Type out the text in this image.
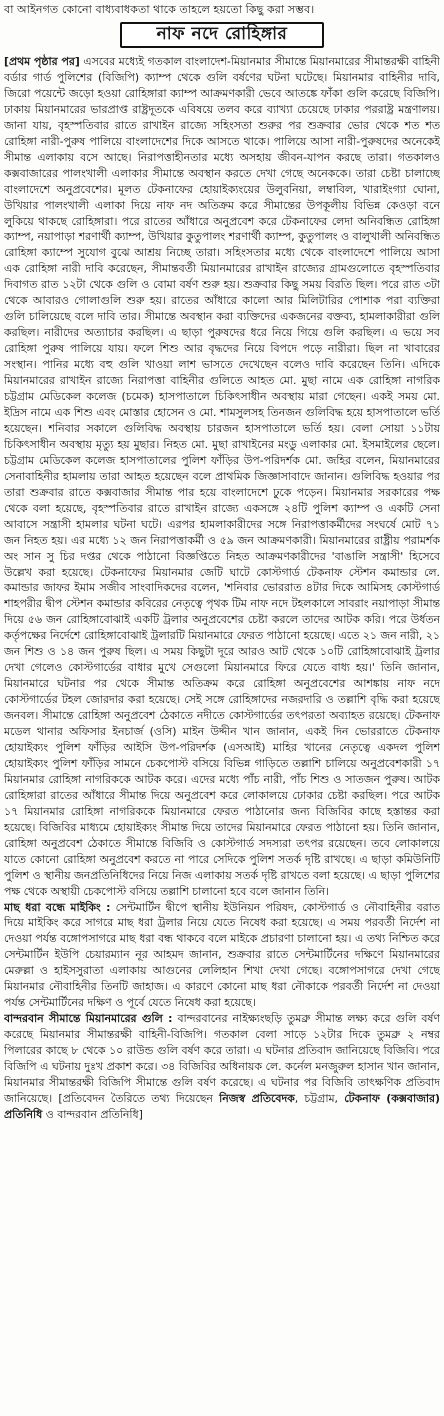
বা আইনগত কোনো বাধ্যবাধকতা থাকে তাহলে হয়তো কিছু করা সম্ভব।
নাফ নদে রোহিঙ্গার

[প্রথম পৃষ্ঠার পর] এসবের মধ্যেই গতকাল বাংলাদেশ-মিয়ানমার সীমান্তে মিয়ানমারের সীমান্তরক্ষী বাহিনী বর্ডার গার্ড পুলিশের (বিজিপি) ক্যাম্প থেকে গুলি বর্ষণের ঘটনা ঘটেছে। মিয়ানমার বাহিনীর দাবি, জিরো পয়েন্টে জড়ো হওয়া রোহিঙ্গারা ক্যাম্প আক্রমণকারী ভেবে আতঙ্কে ফাঁকা গুলি করেছে বিজিপি। ঢাকায় মিয়ানমারের ভারপ্রাপ্ত রাষ্ট্রদূতকে এবিষয়ে তলব করে ব্যাখ্যা চেয়েছে ঢাকার পররাষ্ট্র মন্ত্রণালয়। জানা যায়, বৃহস্পতিবার রাতে রাখাইন রাজ্যে সহিংসতা শুরুর পর শুক্রবার ভোর থেকে শত শত রোহিঙ্গা নারী-পুরুষ পালিয়ে বাংলাদেশের দিকে আসতে থাকে। পালিয়ে আসা নারী-পুরুষদের অনেকেই সীমান্ত এলাকায় বসে আছে। নিরাপত্তাহীনতার মধ্যে অসহায় জীবন-যাপন করছে তারা। গতকালও কক্সবাজারের পালংখালী এলাকার সীমান্তে অবস্থান করতে দেখা গেছে অনেককে। তারা চেষ্টা চালাচ্ছে বাংলাদেশে অনুপ্রবেশের। মূলত টেকনাফের হোয়াইক্যংয়ের উলুবনিয়া, লম্বাবিল, খারাইংগ্যা ঘোনা, উখিয়ার পালংখালী এলাকা দিয়ে নাফ নদ অতিক্রম করে সীমান্তের উপকূলীয় বিভিন্ন কেওড়া বনে লুকিয়ে থাকছে রোহিঙ্গারা। পরে রাতের আঁধারে অনুপ্রবেশ করে টেকনাফের লেদা অনিবন্ধিত রোহিঙ্গা ক্যাম্প, নয়াপাড়া শরণার্থী ক্যাম্প, উখিয়ার কুতুপালং শরণার্থী ক্যাম্প, কুতুপালং ও বালুখালী অনিবন্ধিত রোহিঙ্গা ক্যাম্পে সুযোগ বুঝে আশ্রয় নিচ্ছে তারা। সহিংসতার মধ্যে থেকে বাংলাদেশে পালিয়ে আসা এক রোহিঙ্গা নারী দাবি করেছেন, সীমান্তবর্তী মিয়ানমারের রাখাইন রাজ্যের গ্রামগুলোতে বৃহস্পতিবার দিবাগত রাত ১২টা থেকে গুলি ও বোমা বর্ষণ শুরু হয়। শুক্রবার কিছু সময় বিরতি ছিল। পরে রাত ৩টা থেকে আবারও গোলাগুলি শুরু হয়। রাতের আঁধারে কালো আর মিলিটারির পোশাক পরা ব্যক্তিরা গুলি চালিয়েছে বলে দাবি তার। সীমান্তে অবস্থান করা ব্যক্তিদের একজনের বক্তব্য, হামলাকারীরা গুলি করছিল। নারীদের অত্যাচার করছিল। এ ছাড়া পুরুষদের ধরে নিয়ে গিয়ে গুলি করছিল। এ ভয়ে সব রোহিঙ্গা পুরুষ পালিয়ে যায়। ফলে শিশু আর বৃদ্ধদের নিয়ে বিপদে পড়ে নারীরা। ছিল না খাবারের সংস্থান। পানির মধ্যে বহু গুলি খাওয়া লাশ ভাসতে দেখেছেন বলেও দাবি করেছেন তিনি। এদিকে মিয়ানমারের রাখাইন রাজ্যে নিরাপত্তা বাহিনীর গুলিতে আহত মো. মুছা নামে এক রোহিঙ্গা নাগরিক চট্টগ্রাম মেডিকেল কলেজ (চমেক) হাসপাতালে চিকিৎসাধীন অবস্থায় মারা গেছেন। একই সময় মো. ইদ্রিস নামে এক শিশু এবং মোস্তার হোসেন ও মো. শামসুলসহ তিনজন গুলিবিদ্ধ হয়ে হাসপাতালে ভর্তি হয়েছেন। শনিবার সকালে গুলিবিদ্ধ অবস্থায় চারজন হাসপাতালে ভর্তি হয়। বেলা সোয়া ১১টায় চিকিৎসাধীন অবস্থায় মৃত্যু হয় মুছার। নিহত মো. মুছা রাখাইনের মংডু এলাকার মো. ইসমাইলের ছেলে। চট্টগ্রাম মেডিকেল কলেজ হাসপাতালের পুলিশ ফাঁড়ির উপ-পরিদর্শক মো. জহির বলেন, মিয়ানমারের সেনাবাহিনীর হামলায় তারা আহত হয়েছেন বলে প্রাথমিক জিজ্ঞাসাবাদে জানান। গুলিবিদ্ধ হওয়ার পর তারা শুক্রবার রাতে কক্সবাজার সীমান্ত পার হয়ে বাংলাদেশে ঢুকে পড়েন। মিয়ানমার সরকারের পক্ষ থেকে বলা হয়েছে, বৃহস্পতিবার রাতে রাখাইন রাজ্যে একসঙ্গে ২৪টি পুলিশ ক্যাম্প ও একটি সেনা আবাসে সন্ত্রাসী হামলার ঘটনা ঘটে। এরপর হামলাকারীদের সঙ্গে নিরাপত্তাকর্মীদের সংঘর্ষে মোট ৭১ জন নিহত হয়। এর মধ্যে ১২ জন নিরাপত্তাকর্মী ও ৫৯ জন আক্রমণকারী। মিয়ানমারের রাষ্ট্রীয় পরামর্শক অং সান সু চির দপ্তর থেকে পাঠানো বিজ্ঞপ্তিতে নিহত আক্রমণকারীদের 'বাঙালি সন্ত্রাসী' হিসেবে উল্লেখ করা হয়েছে। টেকনাফের মিয়ানমার জেটি ঘাটে কোস্টগার্ড টেকনাফ স্টেশন কমান্ডার লে. কমান্ডার জাফর ইমাম সজীব সাংবাদিকদের বলেন, 'শনিবার ভোররাত ৪টার দিকে আমিসহ কোস্টগার্ড শাহপরীর দ্বীপ স্টেশন কমান্ডার কবিরের নেতৃত্বে পৃথক টিম নাফ নদে টহলকালে সাবরাং নয়াপাড়া সীমান্ত দিয়ে ৫৬ জন রোহিঙ্গাবোঝাই একটি ট্রলার অনুপ্রবেশের চেষ্টা করলে তাদের আটক করি। পরে উর্ধতন কর্তৃপক্ষের নির্দেশে রোহিঙ্গাবোঝাই ট্রলারটি মিয়ানমারে ফেরত পাঠানো হয়েছে। এতে ২১ জন নারী, ২১ জন শিশু ও ১৪ জন পুরুষ ছিল। এ সময় কিছুটা দূরে আরও আট থেকে ১০টি রোহিঙ্গাবোঝাই ট্রলার দেখা গেলেও কোস্টগার্ডের বাধার মুখে সেগুলো মিয়ানমারে ফিরে যেতে বাধ্য হয়।' তিনি জানান, মিয়ানমারে ঘটনার পর থেকে সীমান্ত অতিক্রম করে রোহিঙ্গা অনুপ্রবেশের আশঙ্কায় নাফ নদে কোস্টগার্ডের টহল জোরদার করা হয়েছে। সেই সঙ্গে রোহিঙ্গাদের নজরদারি ও তল্লাশি বৃদ্ধি করা হয়েছে জনবল। সীমান্তে রোহিঙ্গা অনুপ্রবেশ ঠেকাতে নদীতে কোস্টগার্ডের তৎপরতা অব্যাহত রয়েছে। টেকনাফ মডেল থানার অফিসার ইনচার্জ (ওসি) মাইন উদ্দীন খান জানান, একই দিন ভোররাতে টেকনাফ হোয়াইক্যং পুলিশ ফাঁড়ির আইসি উপ-পরিদর্শক (এসআই) মাহির খানের নেতৃত্বে একদল পুলিশ হোয়াইক্যং পুলিশ ফাঁড়ির সামনে চেকপোস্ট বসিয়ে বিভিন্ন গাড়িতে তল্লাশি চালিয়ে অনুপ্রবেশকারী ১৭ মিয়ানমার রোহিঙ্গা নাগরিককে আটক করে। এদের মধ্যে পাঁচ নারী, পাঁচ শিশু ও সাতজন পুরুষ। আটক রোহিঙ্গারা রাতের আঁধারে সীমান্ত দিয়ে অনুপ্রবেশ করে লোকালয়ে ঢোকার চেষ্টা করছিল। পরে আটক ১৭ মিয়ানমার রোহিঙ্গা নাগরিককে মিয়ানমারে ফেরত পাঠানোর জন্য বিজিবির কাছে হস্তান্তর করা হয়েছে। বিজিবির মাধ্যমে হোয়াইক্যং সীমান্ত দিয়ে তাদের মিয়ানমারে ফেরত পাঠানো হয়। তিনি জানান, রোহিঙ্গা অনুপ্রবেশ ঠেকাতে সীমান্তে বিজিবি ও কোস্টগার্ড সদস্যরা তৎপর রয়েছেন। তবে লোকালয়ে যাতে কোনো রোহিঙ্গা অনুপ্রবেশ করতে না পারে সেদিকে পুলিশ সতর্ক দৃষ্টি রাখছে। এ ছাড়া কমিউনিটি পুলিশ ও স্থানীয় জনপ্রতিনিধিদের নিয়ে নিজ এলাকায় সতর্ক দৃষ্টি রাখতে বলা হয়েছে। এ ছাড়া পুলিশের পক্ষ থেকে অস্থায়ী চেকপোস্ট বসিয়ে তল্লাশি চালানো হবে বলে জানান তিনি।

মাছ ধরা বন্ধে মাইকিং : সেন্টমার্টিন দ্বীপে স্থানীয় ইউনিয়ন পরিষদ, কোস্টগার্ড ও নৌবাহিনীর বরাত দিয়ে মাইকিং করে সাগরে মাছ ধরা ট্রলার নিয়ে যেতে নিষেধ করা হয়েছে। এ সময় পরবর্তী নির্দেশ না দেওয়া পর্যন্ত বঙ্গোপসাগরে মাছ ধরা বন্ধ থাকবে বলে মাইকে প্রচারণা চালানো হয়। এ তথ্য নিশ্চিত করে সেন্টমার্টিন ইউপি চেয়ারম্যান নূর আহমদ জানান, শুক্রবার রাতে সেন্টমার্টিনের দক্ষিণে মিয়ানমারের মেরুল্লা ও হাইসসুরাতা এলাকায় আগুনের লেলিহান শিখা দেখা গেছে। বঙ্গোপসাগরে দেখা গেছে মিয়ানমার নৌবাহিনীর তিনটি জাহাজ। এ কারণে কোনো মাছ ধরা নৌকাকে পরবর্তী নির্দেশ না দেওয়া পর্যন্ত সেন্টমার্টিনের দক্ষিণ ও পূর্বে যেতে নিষেধ করা হয়েছে।

বান্দরবান সীমান্তে মিয়ানমারের গুলি : বান্দরবানের নাইক্ষ্যংছড়ি তুমব্রু সীমান্ত লক্ষ্য করে গুলি বর্ষণ করেছে মিয়ানমার সীমান্তরক্ষী বাহিনী-বিজিপি। গতকাল বেলা সাড়ে ১২টার দিকে তুমব্রু ২ নম্বর পিলারের কাছে ৮ থেকে ১০ রাউন্ড গুলি বর্ষণ করে তারা। এ ঘটনার প্রতিবাদ জানিয়েছে বিজিবি। পরে বিজিপি এ ঘটনায় দুঃখ প্রকাশ করে। ৩৪ বিজিবির অধিনায়ক লে. কর্নেল মনজুরুল হাসান খান জানান, মিয়ানমার সীমান্তরক্ষী বিজিপি সীমান্তে গুলি বর্ষণ করেছে। এ ঘটনার পর বিজিবি তাৎক্ষণিক প্রতিবাদ জানিয়েছে। [প্রতিবেদন তৈরিতে তথ্য দিয়েছেন নিজস্ব প্রতিবেদক, চট্টগ্রাম, টেকনাফ (কক্সবাজার) প্রতিনিধি ও বান্দরবান প্রতিনিধি]
